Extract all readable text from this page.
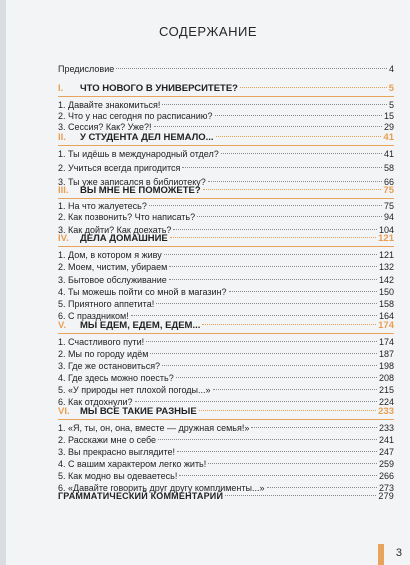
СОДЕРЖАНИЕ
Предисловие	4
I.	ЧТО НОВОГО В УНИВЕРСИТЕТЕ?	5
1. Давайте знакомиться!	5
2. Что у нас сегодня по расписанию?	15
3. Сессия? Как? Уже?!	29
II.	У СТУДЕНТА ДЕЛ НЕМАЛО...	41
1. Ты идёшь в международный отдел?	41
2. Учиться всегда пригодится	58
3. Ты уже записался в библиотеку?	66
III.	ВЫ МНЕ НЕ ПОМОЖЕТЕ?	75
1. На что жалуетесь?	75
2. Как позвонить? Что написать?	94
3. Как дойти? Как доехать?	104
IV.	ДЕЛА ДОМАШНИЕ	121
1. Дом, в котором я живу	121
2. Моем, чистим, убираем	132
3. Бытовое обслуживание	142
4. Ты можешь пойти со мной в магазин?	150
5. Приятного аппетита!	158
6. С праздником!	164
V.	МЫ ЕДЕМ, ЕДЕМ, ЕДЕМ...	174
1. Счастливого пути!	174
2. Мы по городу идём	187
3. Где же остановиться?	198
4. Где здесь можно поесть?	208
5. «У природы нет плохой погоды...»	215
6. Как отдохнули?	224
VI.	МЫ ВСЕ ТАКИЕ РАЗНЫЕ	233
1. «Я, ты, он, она, вместе — дружная семья!»	233
2. Расскажи мне о себе	241
3. Вы прекрасно выглядите!	247
4. С вашим характером легко жить!	259
5. Как модно вы одеваетесь!	266
6. «Давайте говорить друг другу комплименты...»	273
ГРАММАТИЧЕСКИЙ КОММЕНТАРИЙ	279
3
